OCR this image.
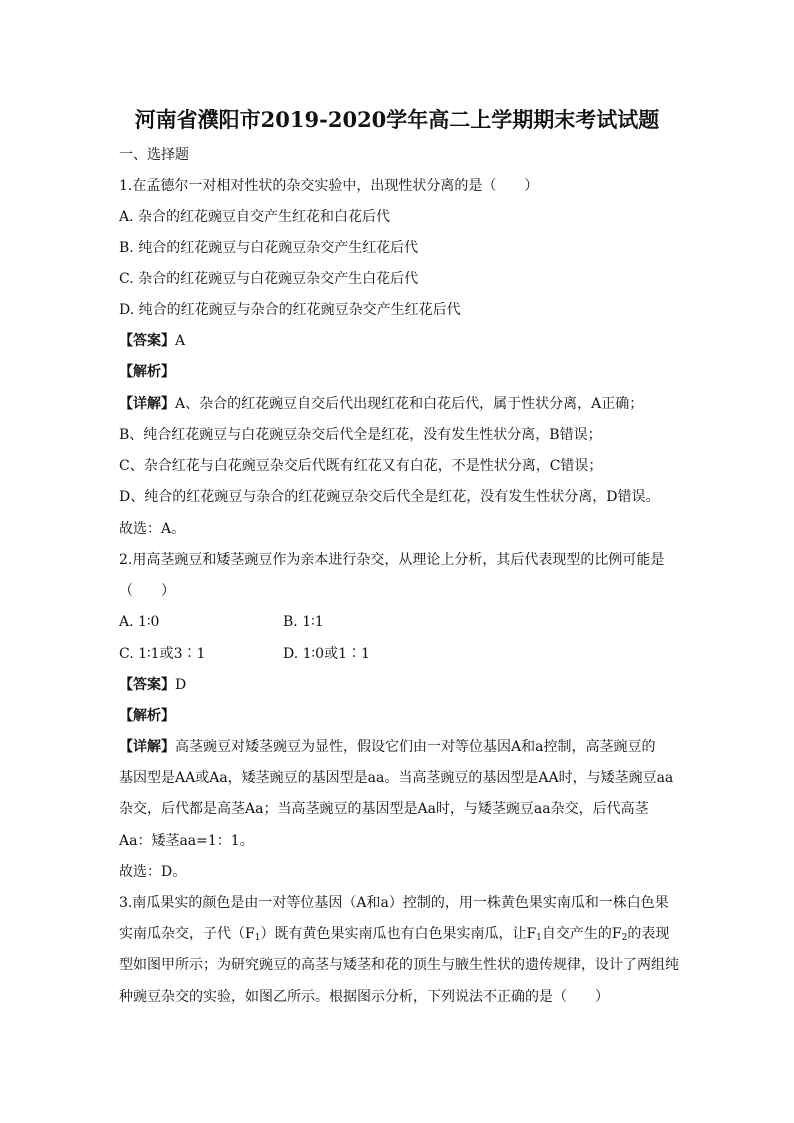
河南省濮阳市2019-2020学年高二上学期期末考试试题
一、选择题
1.在孟德尔一对相对性状的杂交实验中，出现性状分离的是（　　）
A. 杂合的红花豌豆自交产生红花和白花后代
B. 纯合的红花豌豆与白花豌豆杂交产生红花后代
C. 杂合的红花豌豆与白花豌豆杂交产生白花后代
D. 纯合的红花豌豆与杂合的红花豌豆杂交产生红花后代
【答案】A
【解析】
【详解】A、杂合的红花豌豆自交后代出现红花和白花后代，属于性状分离，A正确；
B、纯合红花豌豆与白花豌豆杂交后代全是红花，没有发生性状分离，B错误；
C、杂合红花与白花豌豆杂交后代既有红花又有白花，不是性状分离，C错误；
D、纯合的红花豌豆与杂合的红花豌豆杂交后代全是红花，没有发生性状分离，D错误。
故选：A。
2.用高茎豌豆和矮茎豌豆作为亲本进行杂交，从理论上分析，其后代表现型的比例可能是
（　　）
A. 1∶0	B. 1∶1
C. 1∶1或3∶1	D. 1∶0或1∶1
【答案】D
【解析】
【详解】高茎豌豆对矮茎豌豆为显性，假设它们由一对等位基因A和a控制，高茎豌豆的
基因型是AA或Aa，矮茎豌豆的基因型是aa。当高茎豌豆的基因型是AA时，与矮茎豌豆aa
杂交，后代都是高茎Aa；当高茎豌豆的基因型是Aa时，与矮茎豌豆aa杂交，后代高茎
Aa：矮茎aa=1：1。
故选：D。
3.南瓜果实的颜色是由一对等位基因（A和a）控制的，用一株黄色果实南瓜和一株白色果
实南瓜杂交，子代$(F_1)$既有黄色果实南瓜也有白色果实南瓜，让$F_1$自交产生的$F_2$的表现
型如图甲所示；为研究豌豆的高茎与矮茎和花的顶生与腋生性状的遗传规律，设计了两组纯
种豌豆杂交的实验，如图乙所示。根据图示分析，下列说法不正确的是（　　）
